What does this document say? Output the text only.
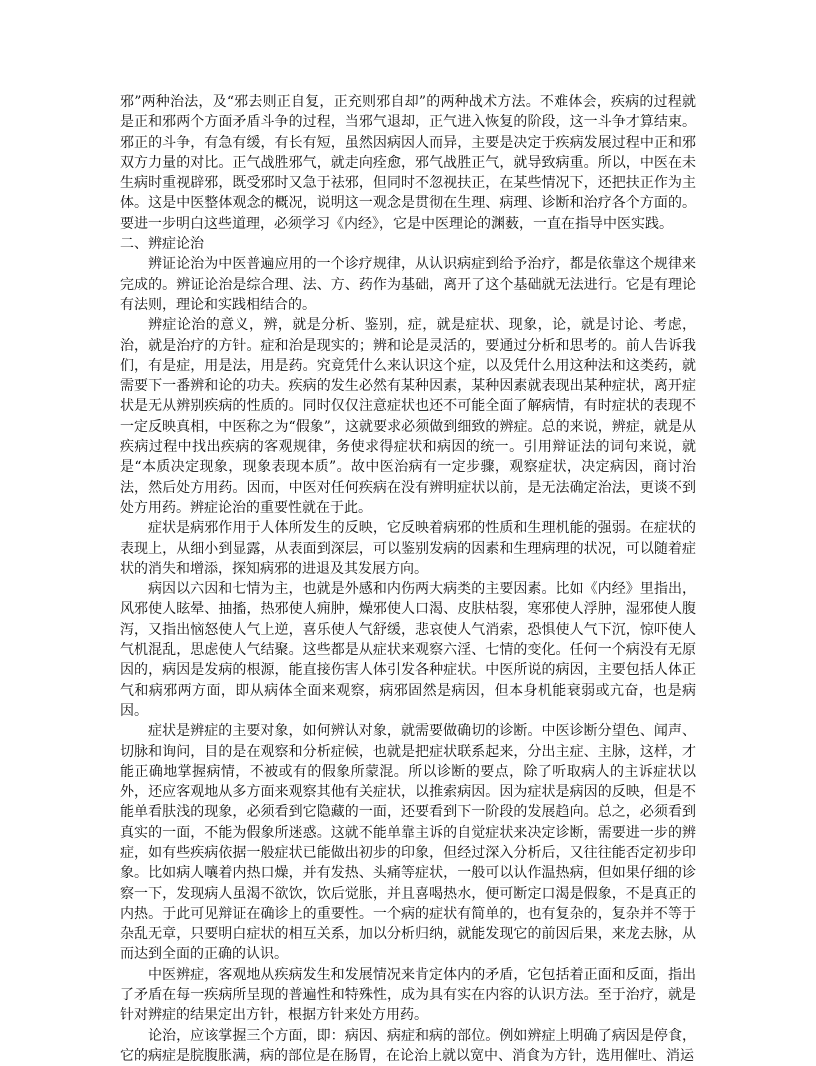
邪”两种治法，及“邪去则正自复，正充则邪自却”的两种战术方法。不难体会，疾病的过程就是正和邪两个方面矛盾斗争的过程，当邪气退却，正气进入恢复的阶段，这一斗争才算结束。邪正的斗争，有急有缓，有长有短，虽然因病因人而异，主要是决定于疾病发展过程中正和邪双方力量的对比。正气战胜邪气，就走向痊愈，邪气战胜正气，就导致病重。所以，中医在未生病时重视辟邪，既受邪时又急于祛邪，但同时不忽视扶正，在某些情况下，还把扶正作为主体。这是中医整体观念的概况，说明这一观念是贯彻在生理、病理、诊断和治疗各个方面的。要进一步明白这些道理，必须学习《内经》，它是中医理论的渊薮，一直在指导中医实践。

二、辨症论治

辨证论治为中医普遍应用的一个诊疗规律，从认识病症到给予治疗，都是依靠这个规律来完成的。辨证论治是综合理、法、方、药作为基础，离开了这个基础就无法进行。它是有理论有法则，理论和实践相结合的。

辨症论治的意义，辨，就是分析、鉴别，症，就是症状、现象，论，就是讨论、考虑，治，就是治疗的方针。症和治是现实的；辨和论是灵活的，要通过分析和思考的。前人告诉我们，有是症，用是法，用是药。究竟凭什么来认识这个症，以及凭什么用这种法和这类药，就需要下一番辨和论的功夫。疾病的发生必然有某种因素，某种因素就表现出某种症状，离开症状是无从辨别疾病的性质的。同时仅仅注意症状也还不可能全面了解病情，有时症状的表现不一定反映真相，中医称之为“假象”，这就要求必须做到细致的辨症。总的来说，辨症，就是从疾病过程中找出疾病的客观规律，务使求得症状和病因的统一。引用辩证法的词句来说，就是“本质决定现象，现象表现本质”。故中医治病有一定步骤，观察症状，决定病因，商讨治法，然后处方用药。因而，中医对任何疾病在没有辨明症状以前，是无法确定治法，更谈不到处方用药。辨症论治的重要性就在于此。

症状是病邪作用于人体所发生的反映，它反映着病邪的性质和生理机能的强弱。在症状的表现上，从细小到显露，从表面到深层，可以鉴别发病的因素和生理病理的状况，可以随着症状的消失和增添，探知病邪的进退及其发展方向。

病因以六因和七情为主，也就是外感和内伤两大病类的主要因素。比如《内经》里指出，风邪使人眩晕、抽搐，热邪使人痈肿，燥邪使人口渴、皮肤枯裂，寒邪使人浮肿，湿邪使人腹泻，又指出恼怒使人气上逆，喜乐使人气舒缓，悲哀使人气消索，恐惧使人气下沉，惊吓使人气机混乱，思虑使人气结聚。这些都是从症状来观察六淫、七情的变化。任何一个病没有无原因的，病因是发病的根源，能直接伤害人体引发各种症状。中医所说的病因，主要包括人体正气和病邪两方面，即从病体全面来观察，病邪固然是病因，但本身机能衰弱或亢奋，也是病因。

症状是辨症的主要对象，如何辨认对象，就需要做确切的诊断。中医诊断分望色、闻声、切脉和询问，目的是在观察和分析症候，也就是把症状联系起来，分出主症、主脉，这样，才能正确地掌握病情，不被或有的假象所蒙混。所以诊断的要点，除了听取病人的主诉症状以外，还应客观地从多方面来观察其他有关症状，以推索病因。因为症状是病因的反映，但是不能单看肤浅的现象，必须看到它隐藏的一面，还要看到下一阶段的发展趋向。总之，必须看到真实的一面，不能为假象所迷惑。这就不能单靠主诉的自觉症状来决定诊断，需要进一步的辨症，如有些疾病依据一般症状已能做出初步的印象，但经过深入分析后，又往往能否定初步印象。比如病人嚷着内热口燥，并有发热、头痛等症状，一般可以认作温热病，但如果仔细的诊察一下，发现病人虽渴不欲饮，饮后觉胀，并且喜喝热水，便可断定口渴是假象，不是真正的内热。于此可见辩证在确诊上的重要性。一个病的症状有简单的，也有复杂的，复杂并不等于杂乱无章，只要明白症状的相互关系，加以分析归纳，就能发现它的前因后果，来龙去脉，从而达到全面的正确的认识。

中医辨症，客观地从疾病发生和发展情况来肯定体内的矛盾，它包括着正面和反面，指出了矛盾在每一疾病所呈现的普遍性和特殊性，成为具有实在内容的认识方法。至于治疗，就是针对辨症的结果定出方针，根据方针来处方用药。

论治，应该掌握三个方面，即：病因、病症和病的部位。例如辨症上明确了病因是停食，它的病症是脘腹胀满，病的部位是在肠胃，在论治上就以宽中、消食为方针，选用催吐、消运
